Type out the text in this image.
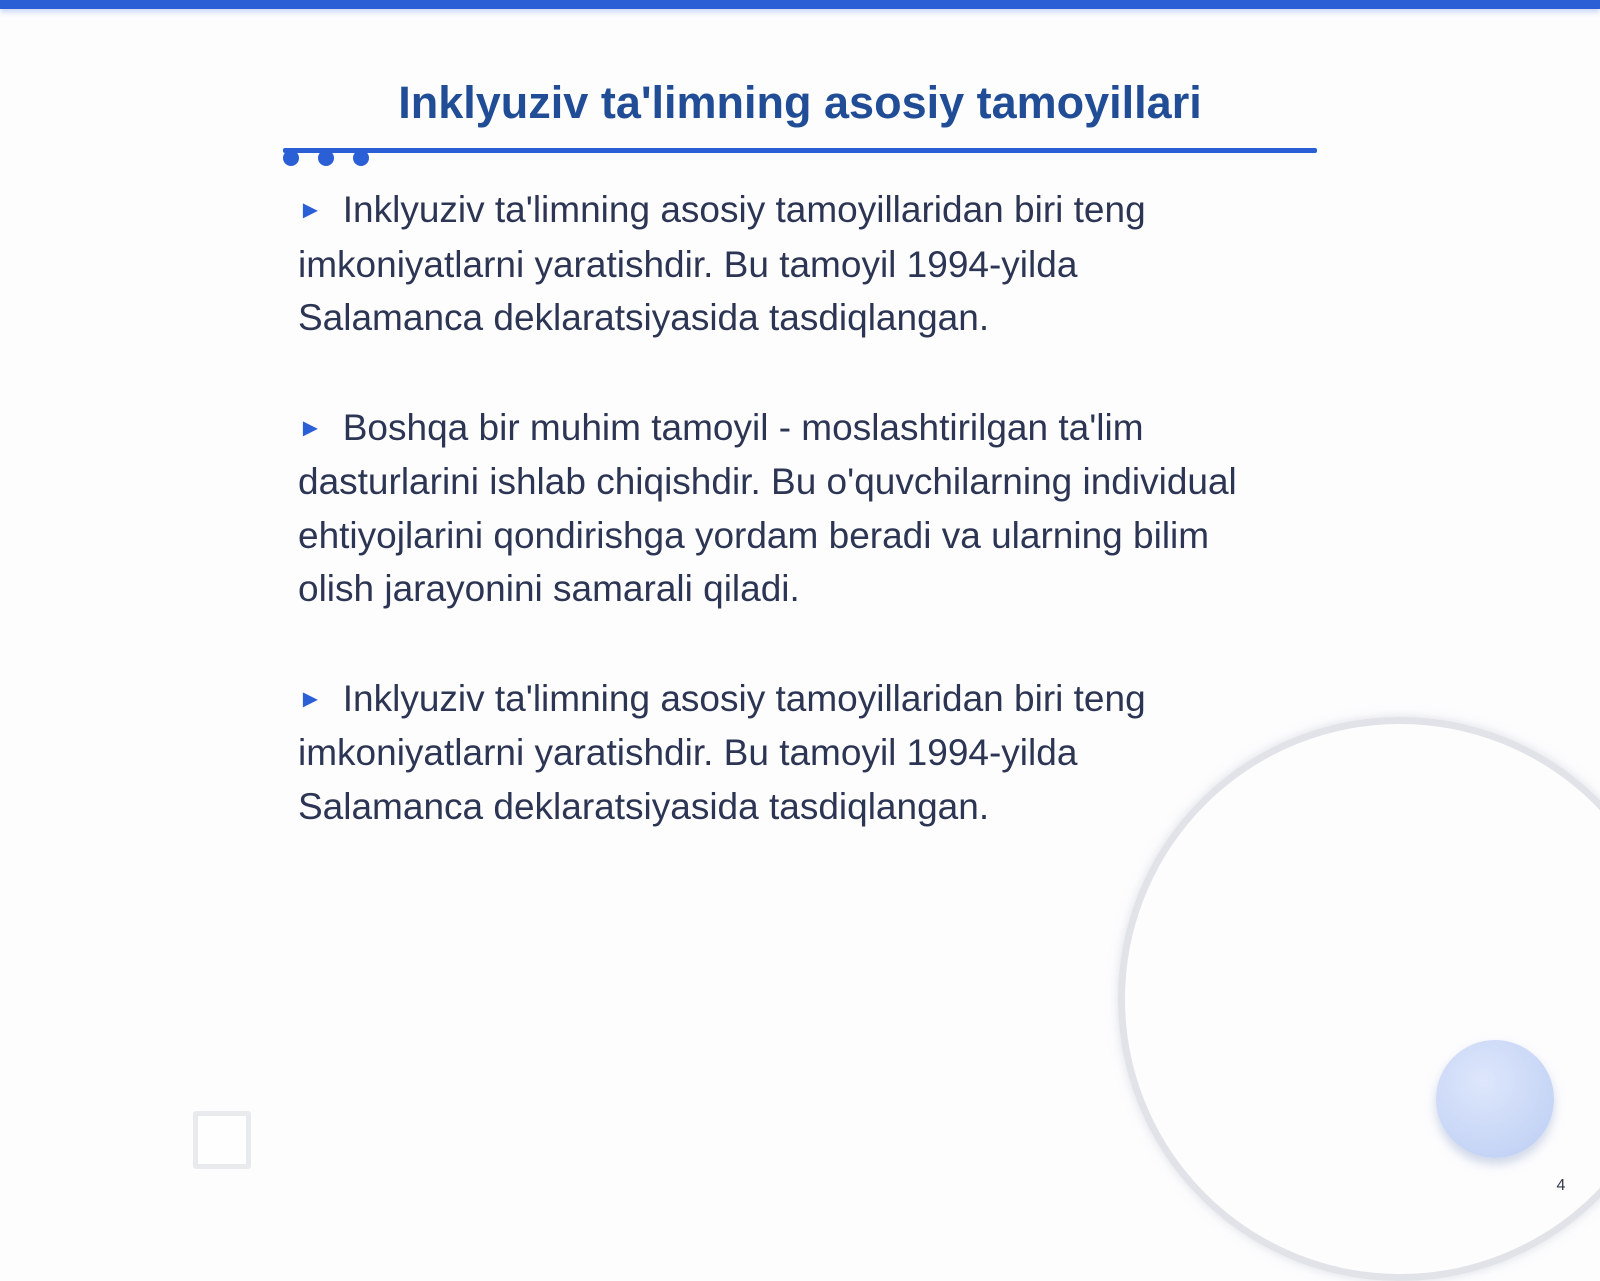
Inklyuziv ta'limning asosiy tamoyillari

► Inklyuziv ta'limning asosiy tamoyillaridan biri teng imkoniyatlarni yaratishdir. Bu tamoyil 1994-yilda Salamanca deklaratsiyasida tasdiqlangan.

► Boshqa bir muhim tamoyil - moslashtirilgan ta'lim dasturlarini ishlab chiqishdir. Bu o'quvchilarning individual ehtiyojlarini qondirishga yordam beradi va ularning bilim olish jarayonini samarali qiladi.

► Inklyuziv ta'limning asosiy tamoyillaridan biri teng imkoniyatlarni yaratishdir. Bu tamoyil 1994-yilda Salamanca deklaratsiyasida tasdiqlangan.

4
